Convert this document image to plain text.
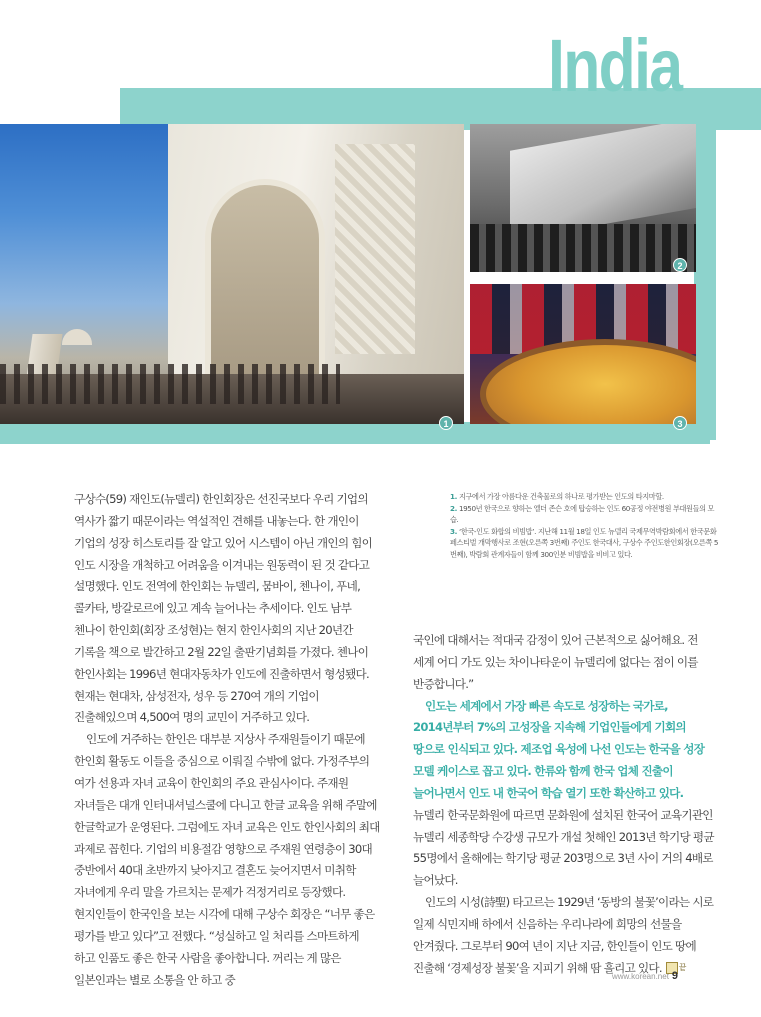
India
1
2
3

구상수(59) 재인도(뉴델리) 한인회장은 선진국보다 우리 기업의 역사가 짧기 때문이라는 역설적인 견해를 내놓는다. 한 개인이 기업의 성장 히스토리를 잘 알고 있어 시스템이 아닌 개인의 힘이 인도 시장을 개척하고 어려움을 이겨내는 원동력이 된 것 같다고 설명했다. 인도 전역에 한인회는 뉴델리, 뭄바이, 첸나이, 푸네, 콜카타, 방갈로르에 있고 계속 늘어나는 추세이다. 인도 남부 첸나이 한인회(회장 조성현)는 현지 한인사회의 지난 20년간 기록을 책으로 발간하고 2월 22일 출판기념회를 가졌다. 첸나이 한인사회는 1996년 현대자동차가 인도에 진출하면서 형성됐다. 현재는 현대차, 삼성전자, 성우 등 270여 개의 기업이 진출해있으며 4,500여 명의 교민이 거주하고 있다.

인도에 거주하는 한인은 대부분 지상사 주재원들이기 때문에 한인회 활동도 이들을 중심으로 이뤄질 수밖에 없다. 가정주부의 여가 선용과 자녀 교육이 한인회의 주요 관심사이다. 주재원 자녀들은 대개 인터내셔널스쿨에 다니고 한글 교육을 위해 주말에 한글학교가 운영된다. 그럼에도 자녀 교육은 인도 한인사회의 최대 과제로 꼽힌다. 기업의 비용절감 영향으로 주재원 연령층이 30대 중반에서 40대 초반까지 낮아지고 결혼도 늦어지면서 미취학 자녀에게 우리 말을 가르치는 문제가 걱정거리로 등장했다. 현지인들이 한국인을 보는 시각에 대해 구상수 회장은 “너무 좋은 평가를 받고 있다”고 전했다. “성실하고 일 처리를 스마트하게 하고 인품도 좋은 한국 사람을 좋아합니다. 꺼리는 게 많은 일본인과는 별로 소통을 안 하고 중

1. 지구에서 가장 아름다운 건축물로의 하나로 평가받는 인도의 타지마할.
2. 1950년 한국으로 향하는 엘더 존슨 호에 탑승하는 인도 60공정 야전병원 부대원들의 모습.
3. ‘한국-인도 화합의 비빔밥’. 지난해 11월 18일 인도 뉴델리 국제무역박람회에서 한국문화 페스티벌 개막행사로 조현(오른쪽 3번째) 주인도 한국대사, 구상수 주인도한인회장(오른쪽 5번째), 박람회 관계자들이 함께 300인분 비빔밥을 비비고 있다.

국인에 대해서는 적대국 감정이 있어 근본적으로 싫어해요. 전 세계 어디 가도 있는 차이나타운이 뉴델리에 없다는 점이 이를 반증합니다.”

인도는 세계에서 가장 빠른 속도로 성장하는 국가로, 2014년부터 7%의 고성장을 지속해 기업인들에게 기회의 땅으로 인식되고 있다. 제조업 육성에 나선 인도는 한국을 성장 모델 케이스로 꼽고 있다. 한류와 함께 한국 업체 진출이 늘어나면서 인도 내 한국어 학습 열기 또한 확산하고 있다. 뉴델리 한국문화원에 따르면 문화원에 설치된 한국어 교육기관인 뉴델리 세종학당 수강생 규모가 개설 첫해인 2013년 학기당 평균 55명에서 올해에는 학기당 평균 203명으로 3년 사이 거의 4배로 늘어났다.

인도의 시성(詩聖) 타고르는 1929년 ‘동방의 불꽃’이라는 시로 일제 식민지배 하에서 신음하는 우리나라에 희망의 선물을 안겨줬다. 그로부터 90여 년이 지난 지금, 한인들이 인도 땅에 진출해 ‘경제성장 불꽃’을 지피기 위해 땀 흘리고 있다. 끝

www.korean.net 9
